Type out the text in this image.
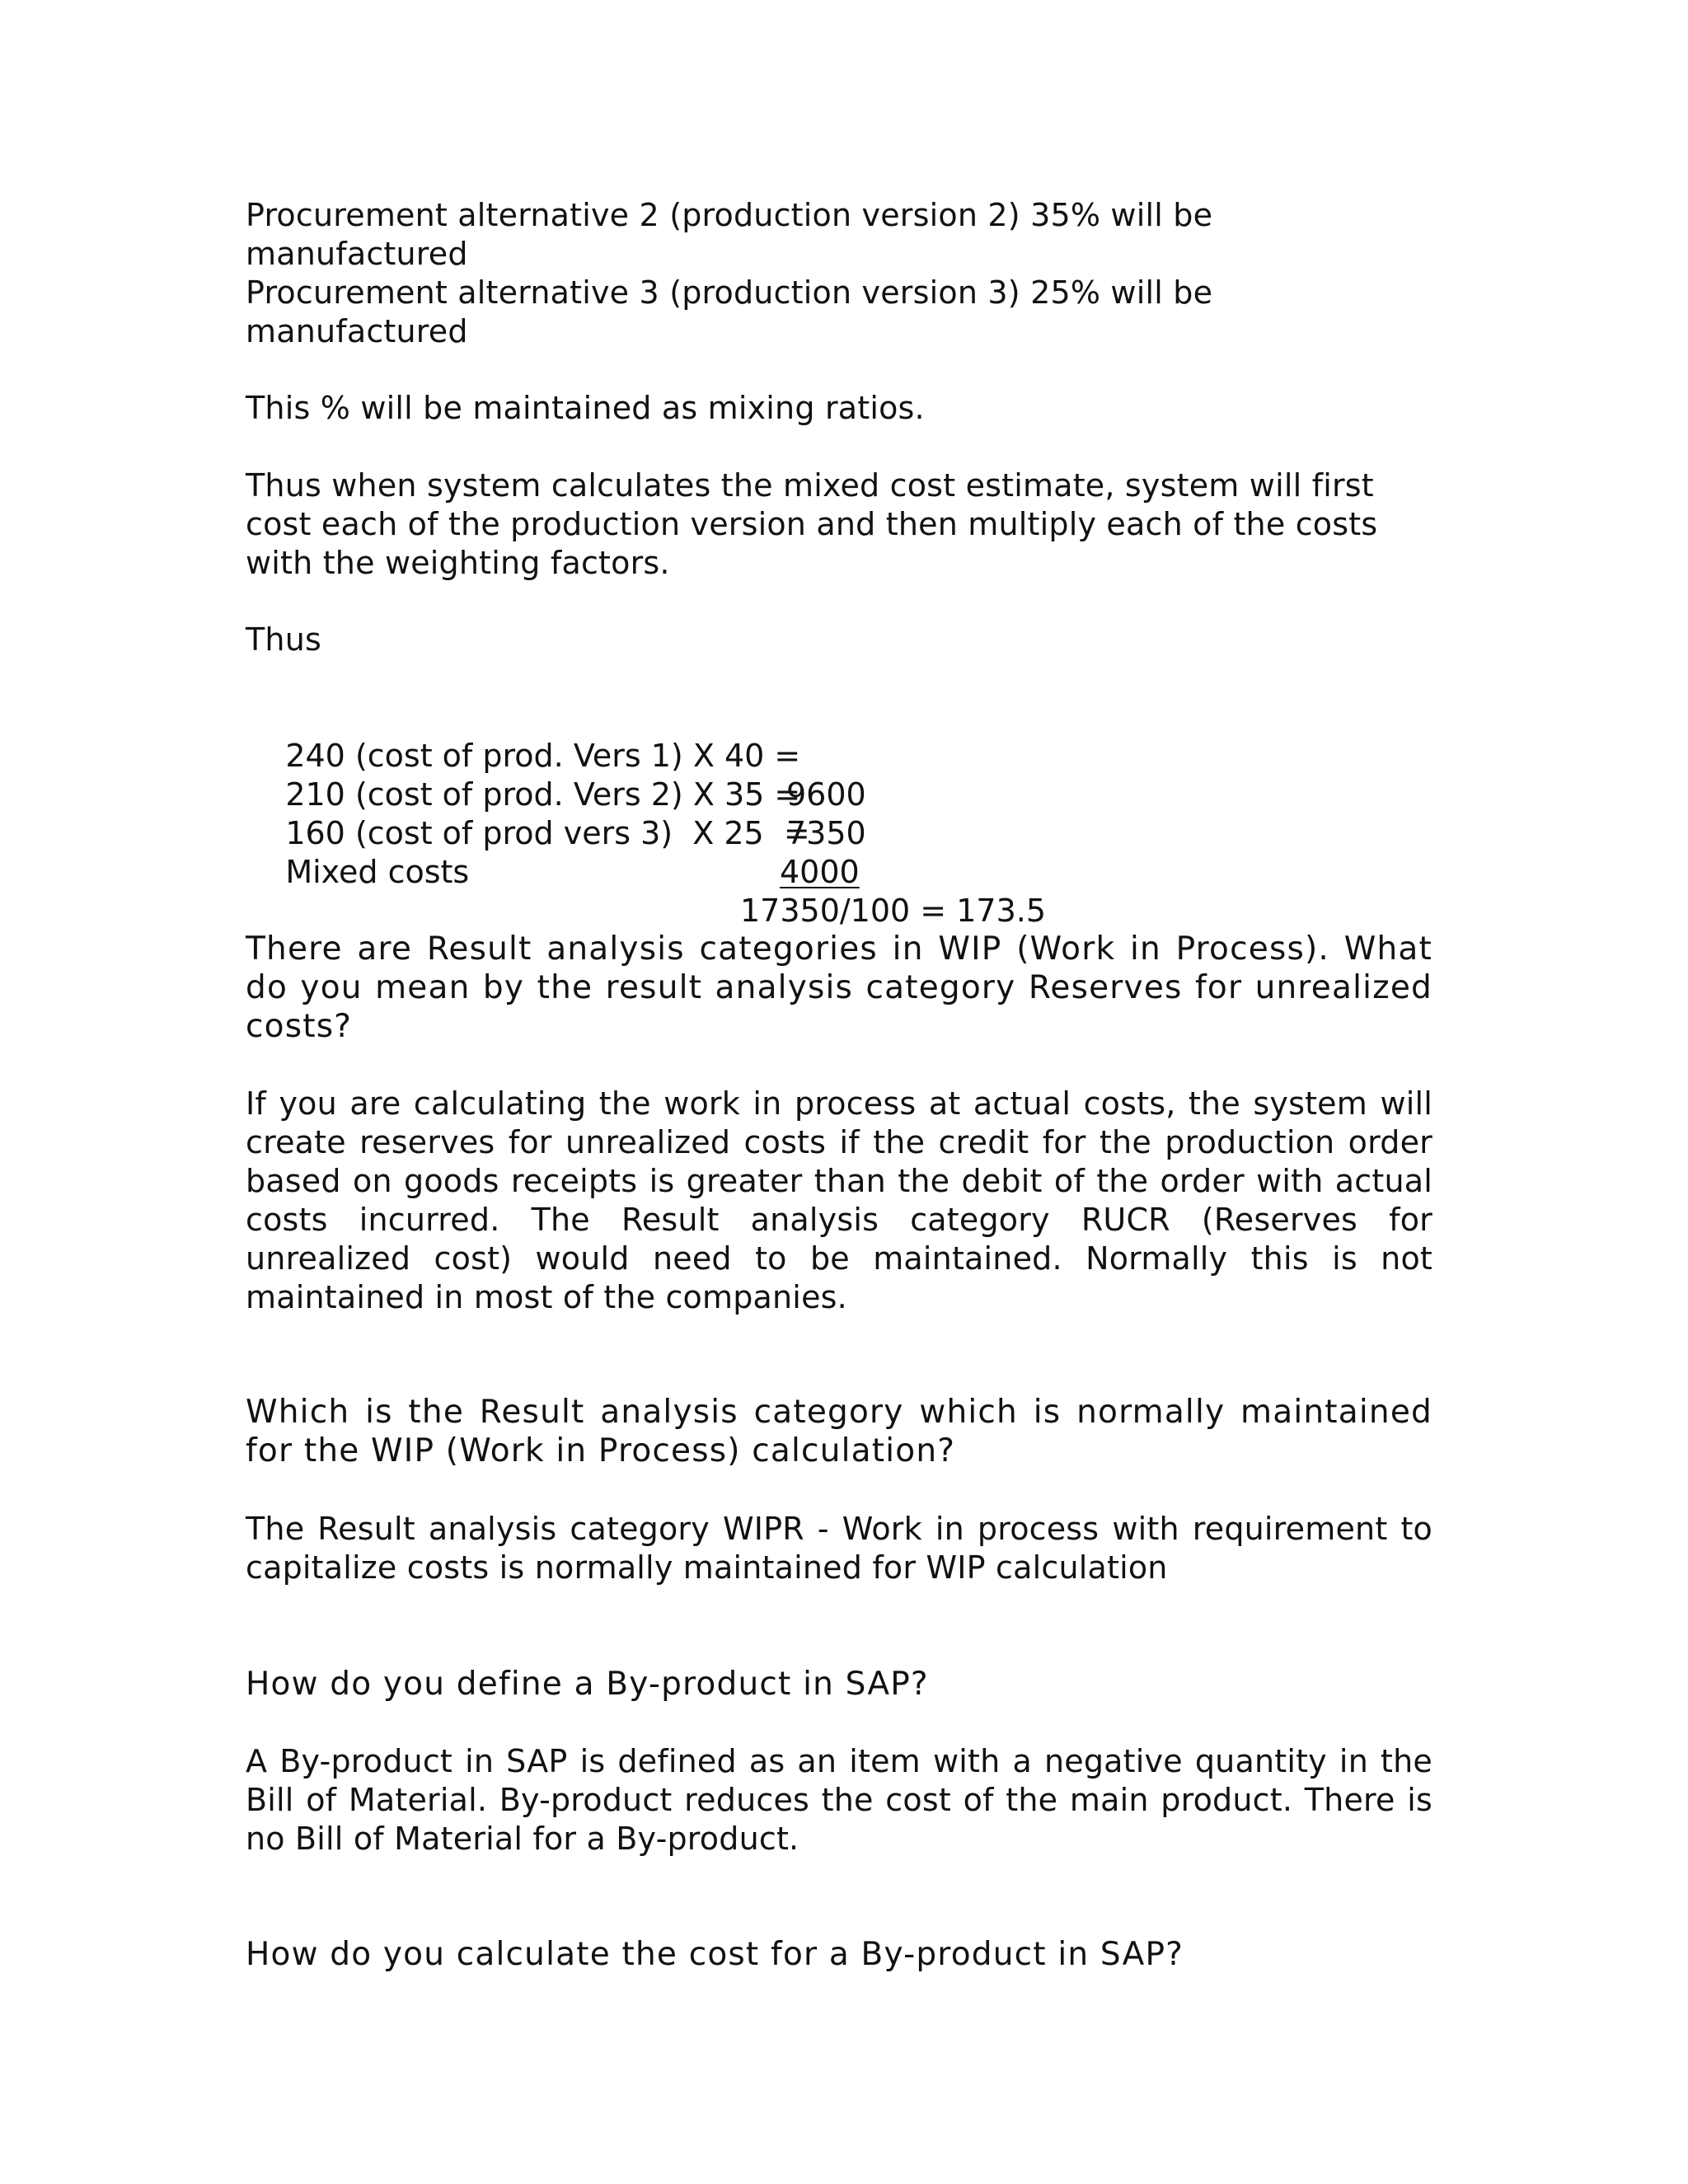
Procurement alternative 2 (production version 2) 35% will be
manufactured
Procurement alternative 3 (production version 3) 25% will be
manufactured
This % will be maintained as mixing ratios.
Thus when system calculates the mixed cost estimate, system will first
cost each of the production version and then multiply each of the costs
with the weighting factors.
Thus

240 (cost of prod. Vers 1) X 40 =

9600

210 (cost of prod. Vers 2) X 35 =

7350

160 (cost of prod vers 3)  X 25  =

4000

Mixed costs

17350/100 = 173.5

There are Result analysis categories in WIP (Work in Process). What do you mean by the result analysis category Reserves for unrealized costs?
If you are calculating the work in process at actual costs, the system will create reserves for unrealized costs if the credit for the production order based on goods receipts is greater than the debit of the order with actual costs incurred. The Result analysis category RUCR (Reserves for unrealized cost) would need to be maintained. Normally this is not maintained in most of the companies.
Which is the Result analysis category which is normally maintained for the WIP (Work in Process) calculation?
The Result analysis category WIPR - Work in process with requirement to capitalize costs is normally maintained for WIP calculation
How do you define a By-product in SAP?
A By-product in SAP is defined as an item with a negative quantity in the Bill of Material. By-product reduces the cost of the main product. There is no Bill of Material for a By-product.
How do you calculate the cost for a By-product in SAP?
